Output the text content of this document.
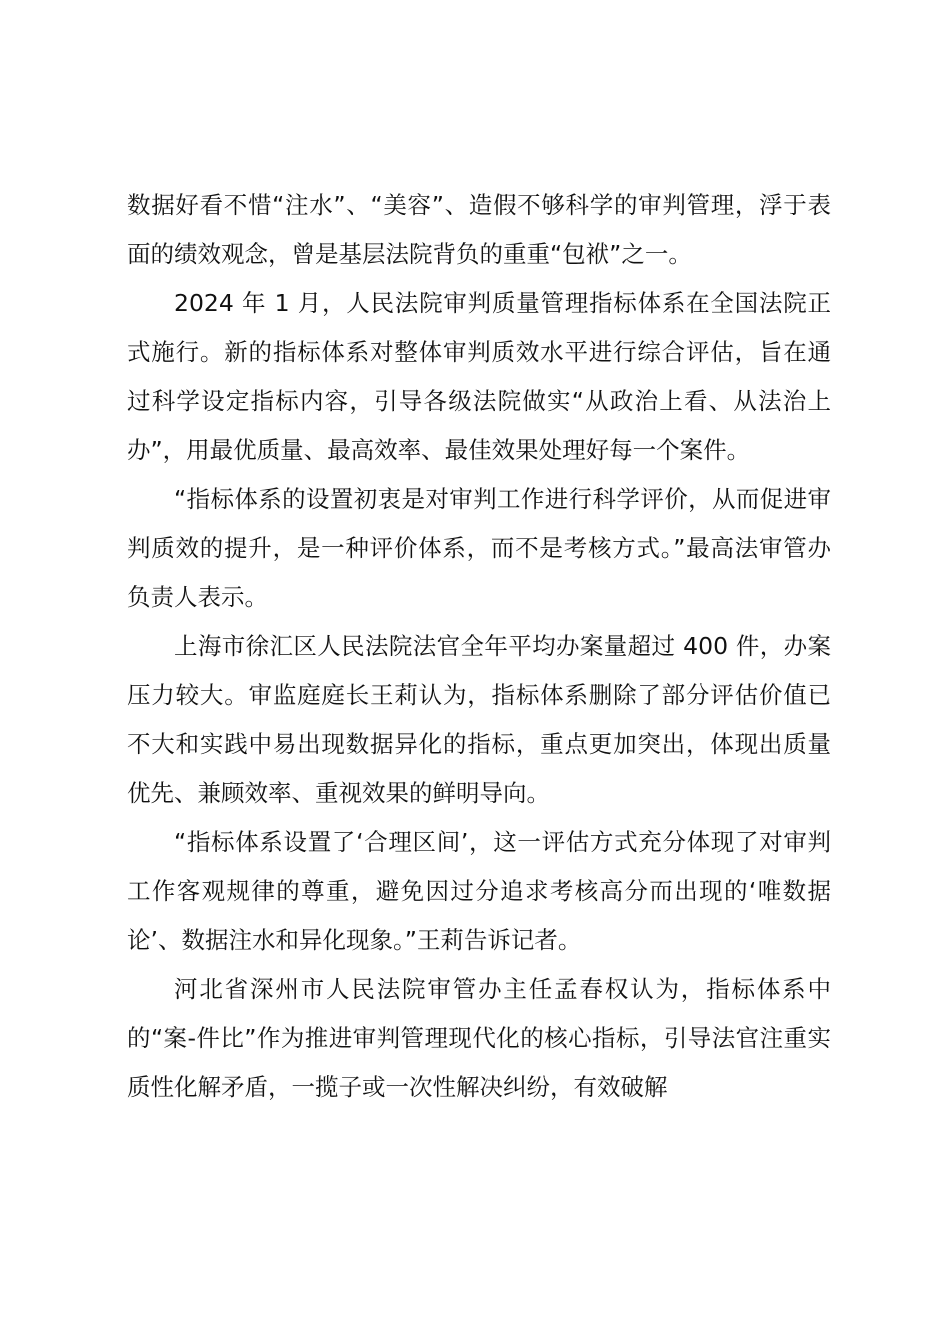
数据好看不惜“注水”、“美容”、造假不够科学的审判管理，浮于表面的绩效观念，曾是基层法院背负的重重“包袱”之一。

2024 年 1 月，人民法院审判质量管理指标体系在全国法院正式施行。新的指标体系对整体审判质效水平进行综合评估，旨在通过科学设定指标内容，引导各级法院做实“从政治上看、从法治上办”，用最优质量、最高效率、最佳效果处理好每一个案件。

“指标体系的设置初衷是对审判工作进行科学评价，从而促进审判质效的提升，是一种评价体系，而不是考核方式。”最高法审管办负责人表示。

上海市徐汇区人民法院法官全年平均办案量超过 400 件，办案压力较大。审监庭庭长王莉认为，指标体系删除了部分评估价值已不大和实践中易出现数据异化的指标，重点更加突出，体现出质量优先、兼顾效率、重视效果的鲜明导向。

“指标体系设置了‘合理区间’，这一评估方式充分体现了对审判工作客观规律的尊重，避免因过分追求考核高分而出现的‘唯数据论’、数据注水和异化现象。”王莉告诉记者。

河北省深州市人民法院审管办主任孟春权认为，指标体系中的“案-件比”作为推进审判管理现代化的核心指标，引导法官注重实质性化解矛盾，一揽子或一次性解决纠纷，有效破解
